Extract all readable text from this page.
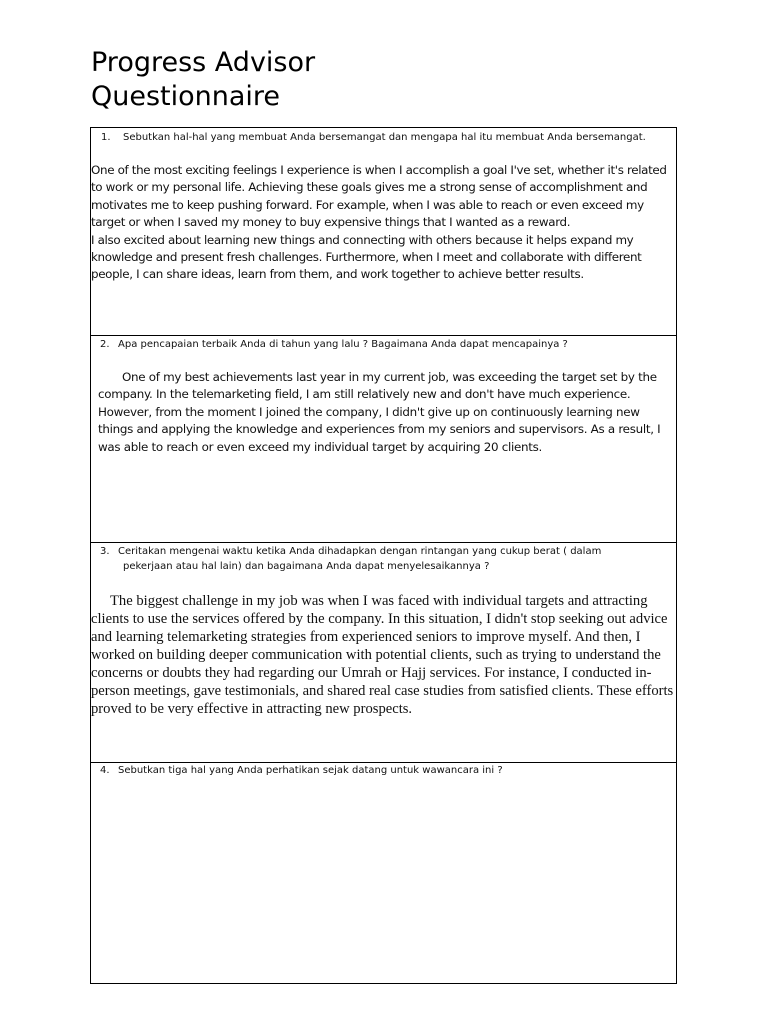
Progress Advisor
Questionnaire
1. Sebutkan hal-hal yang membuat Anda bersemangat dan mengapa hal itu membuat Anda bersemangat.

One of the most exciting feelings I experience is when I accomplish a goal I've set, whether it's related to work or my personal life. Achieving these goals gives me a strong sense of accomplishment and motivates me to keep pushing forward. For example, when I was able to reach or even exceed my target or when I saved my money to buy expensive things that I wanted as a reward.

I also excited about learning new things and connecting with others because it helps expand my knowledge and present fresh challenges. Furthermore, when I meet and collaborate with different people, I can share ideas, learn from them, and work together to achieve better results.

2. Apa pencapaian terbaik Anda di tahun yang lalu ? Bagaimana Anda dapat mencapainya ?

One of my best achievements last year in my current job, was exceeding the target set by the company. In the telemarketing field, I am still relatively new and don't have much experience. However, from the moment I joined the company, I didn't give up on continuously learning new things and applying the knowledge and experiences from my seniors and supervisors. As a result, I was able to reach or even exceed my individual target by acquiring 20 clients.

3. Ceritakan mengenai waktu ketika Anda dihadapkan dengan rintangan yang cukup berat ( dalam
pekerjaan atau hal lain) dan bagaimana Anda dapat menyelesaikannya ?

The biggest challenge in my job was when I was faced with individual targets and attracting clients to use the services offered by the company. In this situation, I didn't stop seeking out advice and learning telemarketing strategies from experienced seniors to improve myself. And then, I worked on building deeper communication with potential clients, such as trying to understand the concerns or doubts they had regarding our Umrah or Hajj services. For instance, I conducted in-person meetings, gave testimonials, and shared real case studies from satisfied clients. These efforts proved to be very effective in attracting new prospects.

4. Sebutkan tiga hal yang Anda perhatikan sejak datang untuk wawancara ini ?
